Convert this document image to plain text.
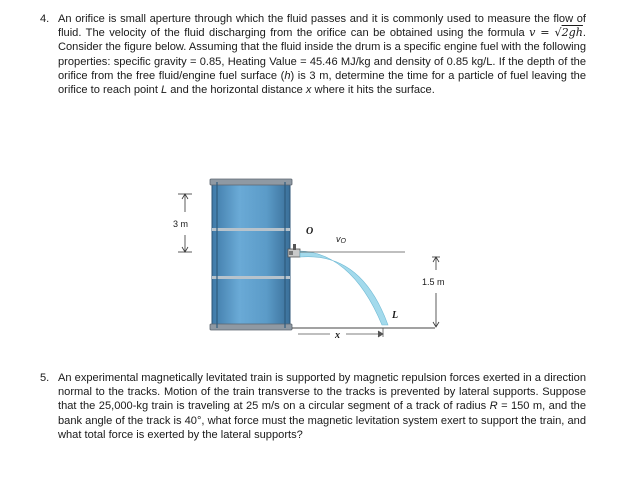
4. An orifice is small aperture through which the fluid passes and it is commonly used to measure the flow of fluid. The velocity of the fluid discharging from the orifice can be obtained using the formula v = √2gh. Consider the figure below. Assuming that the fluid inside the drum is a specific engine fuel with the following properties: specific gravity = 0.85, Heating Value = 45.46 MJ/kg and density of 0.85 kg/L. If the depth of the orifice from the free fluid/engine fuel surface (h) is 3 m, determine the time for a particle of fuel leaving the orifice to reach point L and the horizontal distance x where it hits the surface.
3 m
O
vO
1.5 m
L
x
5. An experimental magnetically levitated train is supported by magnetic repulsion forces exerted in a direction normal to the tracks. Motion of the train transverse to the tracks is prevented by lateral supports. Suppose that the 25,000-kg train is traveling at 25 m/s on a circular segment of a track of radius R = 150 m, and the bank angle of the track is 40°, what force must the magnetic levitation system exert to support the train, and what total force is exerted by the lateral supports?
